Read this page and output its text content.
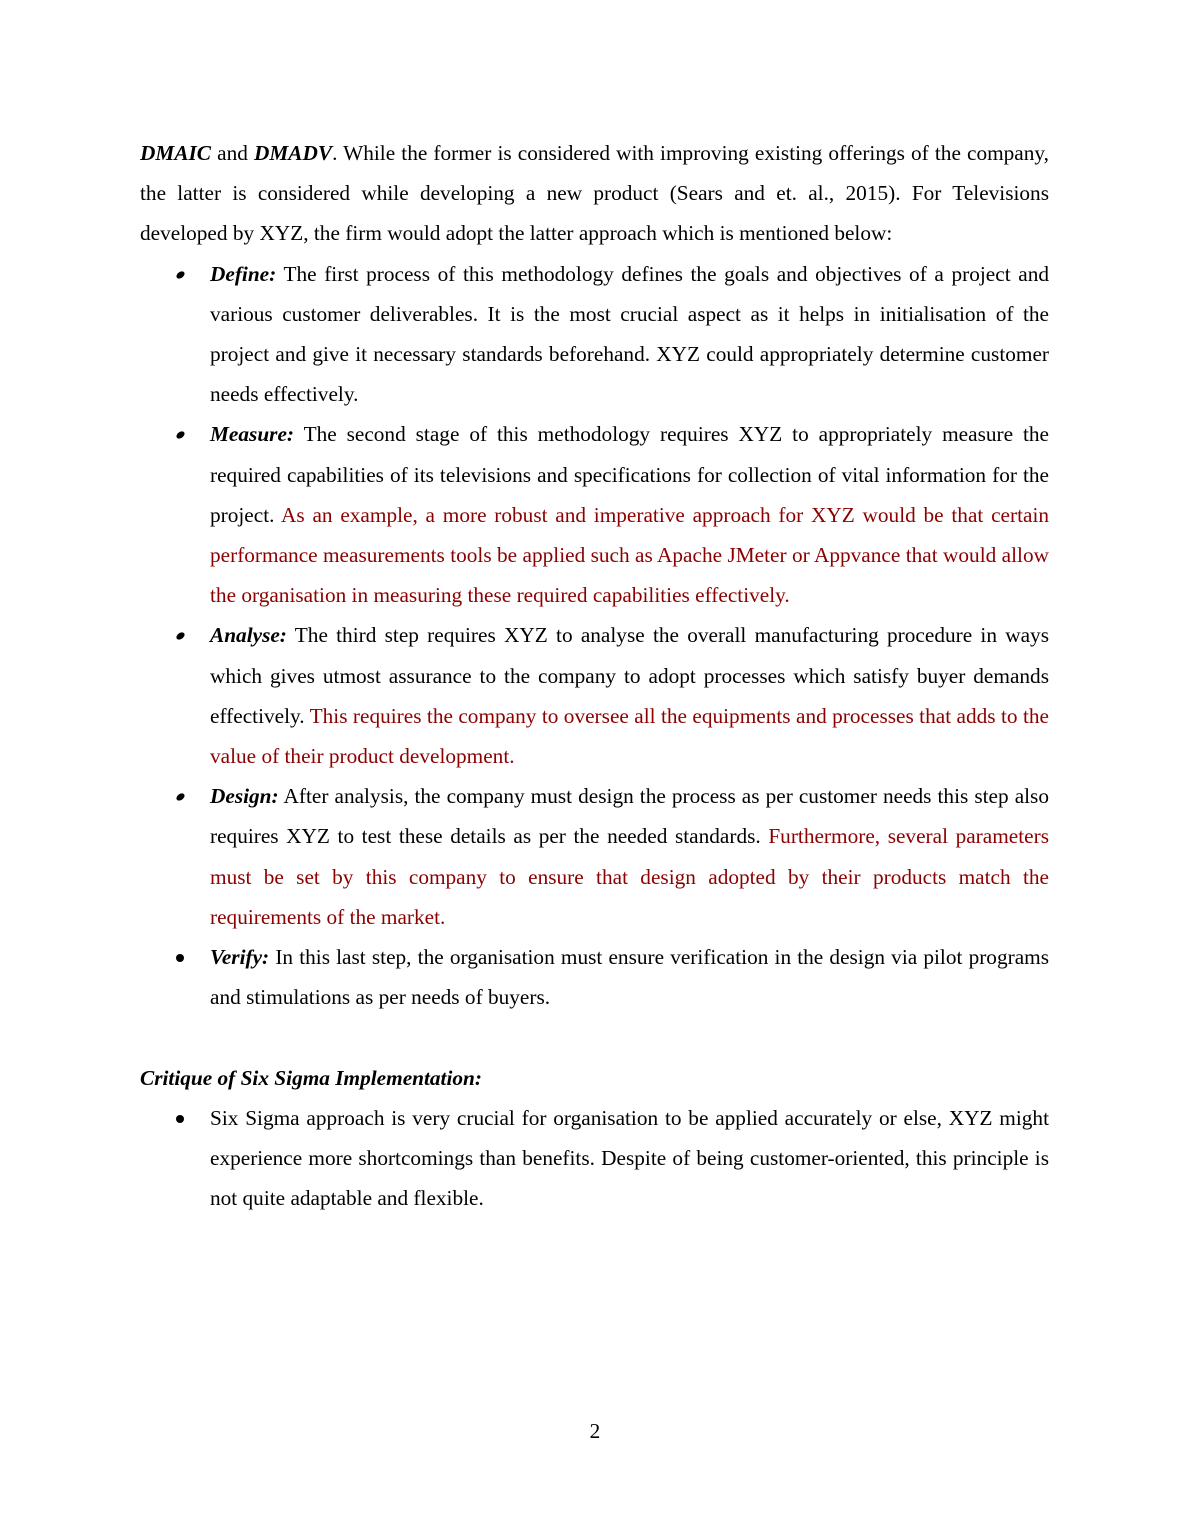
DMAIC and DMADV. While the former is considered with improving existing offerings of the company, the latter is considered while developing a new product (Sears and et. al., 2015). For Televisions developed by XYZ, the firm would adopt the latter approach which is mentioned below:

Define: The first process of this methodology defines the goals and objectives of a project and various customer deliverables. It is the most crucial aspect as it helps in initialisation of the project and give it necessary standards beforehand. XYZ could appropriately determine customer needs effectively.
Measure: The second stage of this methodology requires XYZ to appropriately measure the required capabilities of its televisions and specifications for collection of vital information for the project. As an example, a more robust and imperative approach for XYZ would be that certain performance measurements tools be applied such as Apache JMeter or Appvance that would allow the organisation in measuring these required capabilities effectively.
Analyse: The third step requires XYZ to analyse the overall manufacturing procedure in ways which gives utmost assurance to the company to adopt processes which satisfy buyer demands effectively. This requires the company to oversee all the equipments and processes that adds to the value of their product development.
Design: After analysis, the company must design the process as per customer needs this step also requires XYZ to test these details as per the needed standards. Furthermore, several parameters must be set by this company to ensure that design adopted by their products match the requirements of the market.
Verify: In this last step, the organisation must ensure verification in the design via pilot programs and stimulations as per needs of buyers.

Critique of Six Sigma Implementation:

Six Sigma approach is very crucial for organisation to be applied accurately or else, XYZ might experience more shortcomings than benefits. Despite of being customer-oriented, this principle is not quite adaptable and flexible.
2
